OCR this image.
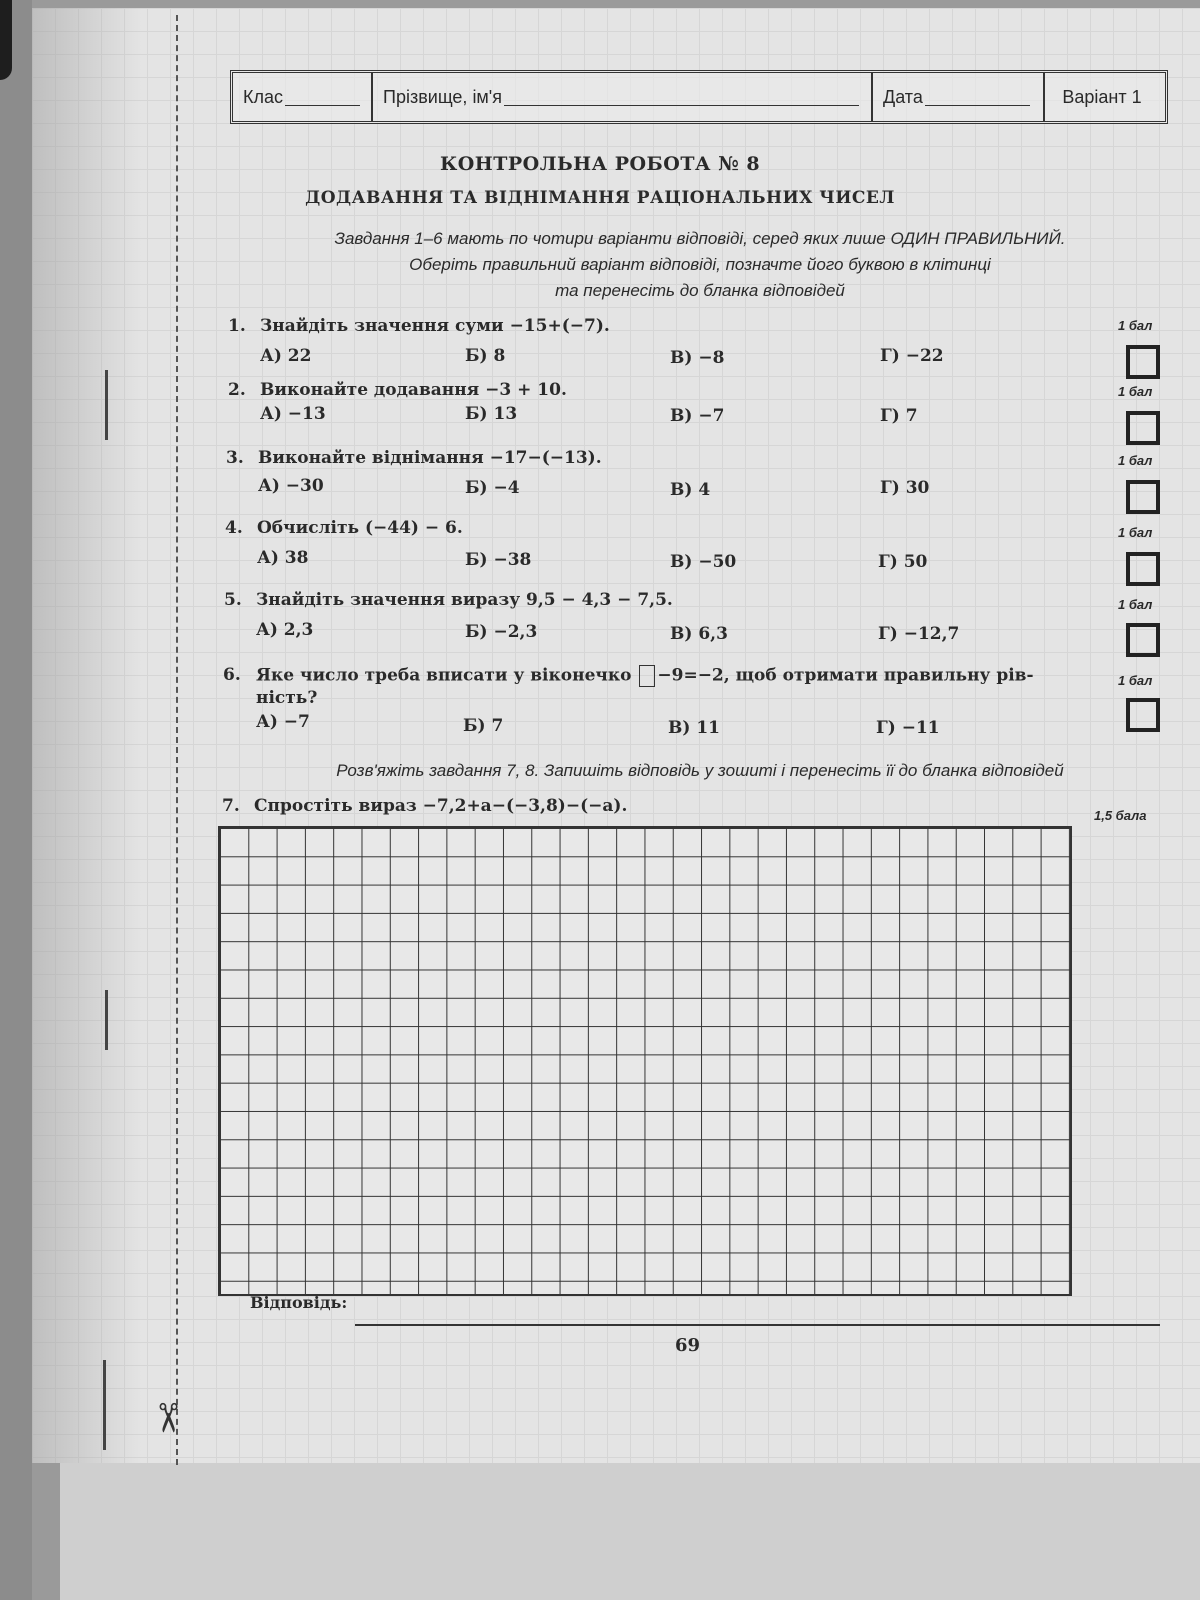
✂
Клас	Прізвище, ім'я	Дата	Варіант 1
КОНТРОЛЬНА РОБОТА № 8
ДОДАВАННЯ ТА ВІДНІМАННЯ РАЦІОНАЛЬНИХ ЧИСЕЛ
Завдання 1–6 мають по чотири варіанти відповіді, серед яких лише ОДИН ПРАВИЛЬНИЙ.
Оберіть правильний варіант відповіді, позначте його буквою в клітинці
та перенесіть до бланка відповідей
1. Знайдіть значення суми −15+(−7).	1 бал
А) 22	Б) 8	В) −8	Г) −22
2. Виконайте додавання −3 + 10.	1 бал
А) −13	Б) 13	В) −7	Г) 7
3. Виконайте віднімання −17−(−13).	1 бал
А) −30	Б) −4	В) 4	Г) 30
4. Обчисліть (−44) − 6.	1 бал
А) 38	Б) −38	В) −50	Г) 50
5. Знайдіть значення виразу 9,5 − 4,3 − 7,5.	1 бал
А) 2,3	Б) −2,3	В) 6,3	Г) −12,7
6. Яке число треба вписати у віконечко −9=−2, щоб отримати правильну рів-
ність?
1 бал
А) −7	Б) 7	В) 11	Г) −11
Розв'яжіть завдання 7, 8. Запишіть відповідь у зошиті і перенесіть її до бланка відповідей
7. Спростіть вираз −7,2+a−(−3,8)−(−a).	1,5 бала
Відповідь:
69
